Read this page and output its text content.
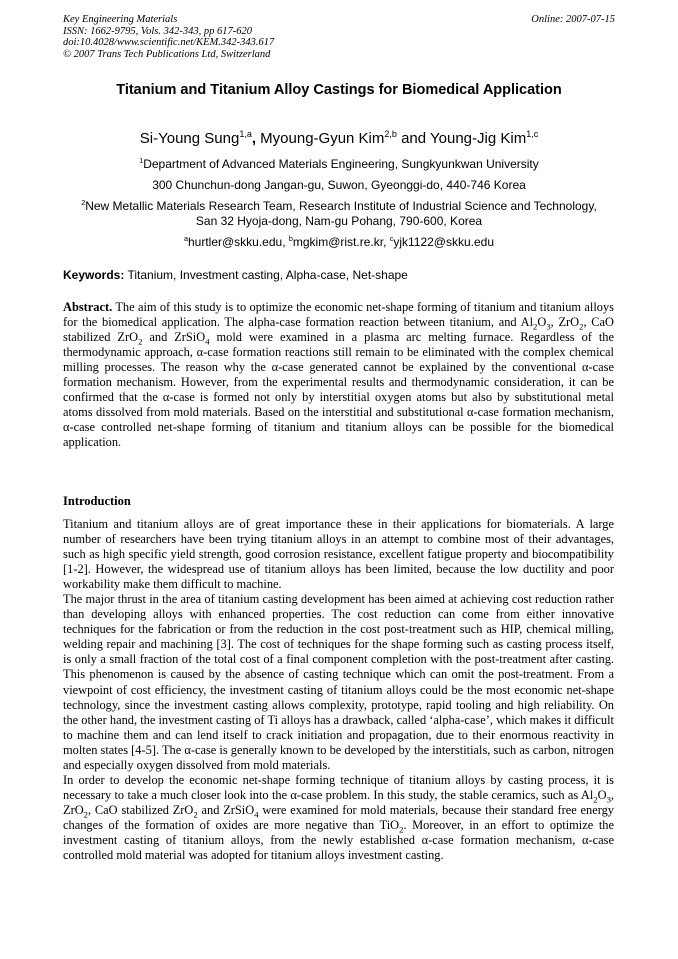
Key Engineering Materials
ISSN: 1662-9795, Vols. 342-343, pp 617-620
doi:10.4028/www.scientific.net/KEM.342-343.617
© 2007 Trans Tech Publications Ltd, Switzerland
Online: 2007-07-15
Titanium and Titanium Alloy Castings for Biomedical Application
Si-Young Sung$^{1,a}$, Myoung-Gyun Kim$^{2,b}$ and Young-Jig Kim$^{1,c}$
$^1$Department of Advanced Materials Engineering, Sungkyunkwan University
300 Chunchun-dong Jangan-gu, Suwon, Gyeonggi-do, 440-746 Korea
$^2$New Metallic Materials Research Team, Research Institute of Industrial Science and Technology,
San 32 Hyoja-dong, Nam-gu Pohang, 790-600, Korea
$^a$hurtler@skku.edu, $^b$mgkim@rist.re.kr, $^c$yjk1122@skku.edu
Keywords: Titanium, Investment casting, Alpha-case, Net-shape

Abstract. The aim of this study is to optimize the economic net-shape forming of titanium and titanium alloys for the biomedical application. The alpha-case formation reaction between titanium, and $Al_2O_3$, ZrO$_2$, CaO stabilized ZrO$_2$ and ZrSiO$_4$ mold were examined in a plasma arc melting furnace. Regardless of the thermodynamic approach, α-case formation reactions still remain to be eliminated with the complex chemical milling processes. The reason why the α-case generated cannot be explained by the conventional α-case formation mechanism. However, from the experimental results and thermodynamic consideration, it can be confirmed that the α-case is formed not only by interstitial oxygen atoms but also by substitutional metal atoms dissolved from mold materials. Based on the interstitial and substitutional α-case formation mechanism, α-case controlled net-shape forming of titanium and titanium alloys can be possible for the biomedical application.

Introduction

Titanium and titanium alloys are of great importance these in their applications for biomaterials. A large number of researchers have been trying titanium alloys in an attempt to combine most of their advantages, such as high specific yield strength, good corrosion resistance, excellent fatigue property and biocompatibility [1-2]. However, the widespread use of titanium alloys has been limited, because the low ductility and poor workability make them difficult to machine.

The major thrust in the area of titanium casting development has been aimed at achieving cost reduction rather than developing alloys with enhanced properties. The cost reduction can come from either innovative techniques for the fabrication or from the reduction in the cost post-treatment such as HIP, chemical milling, welding repair and machining [3]. The cost of techniques for the shape forming such as casting process itself, is only a small fraction of the total cost of a final component completion with the post-treatment after casting. This phenomenon is caused by the absence of casting technique which can omit the post-treatment. From a viewpoint of cost efficiency, the investment casting of titanium alloys could be the most economic net-shape technology, since the investment casting allows complexity, prototype, rapid tooling and high reliability. On the other hand, the investment casting of Ti alloys has a drawback, called ‘alpha-case’, which makes it difficult to machine them and can lend itself to crack initiation and propagation, due to their enormous reactivity in molten states [4-5]. The α-case is generally known to be developed by the interstitials, such as carbon, nitrogen and especially oxygen dissolved from mold materials.

In order to develop the economic net-shape forming technique of titanium alloys by casting process, it is necessary to take a much closer look into the α-case problem. In this study, the stable ceramics, such as $Al_2O_3$, ZrO$_2$, CaO stabilized ZrO$_2$ and ZrSiO$_4$ were examined for mold materials, because their standard free energy changes of the formation of oxides are more negative than TiO$_2$. Moreover, in an effort to optimize the investment casting of titanium alloys, from the newly established α-case formation mechanism, α-case controlled mold material was adopted for titanium alloys investment casting.
